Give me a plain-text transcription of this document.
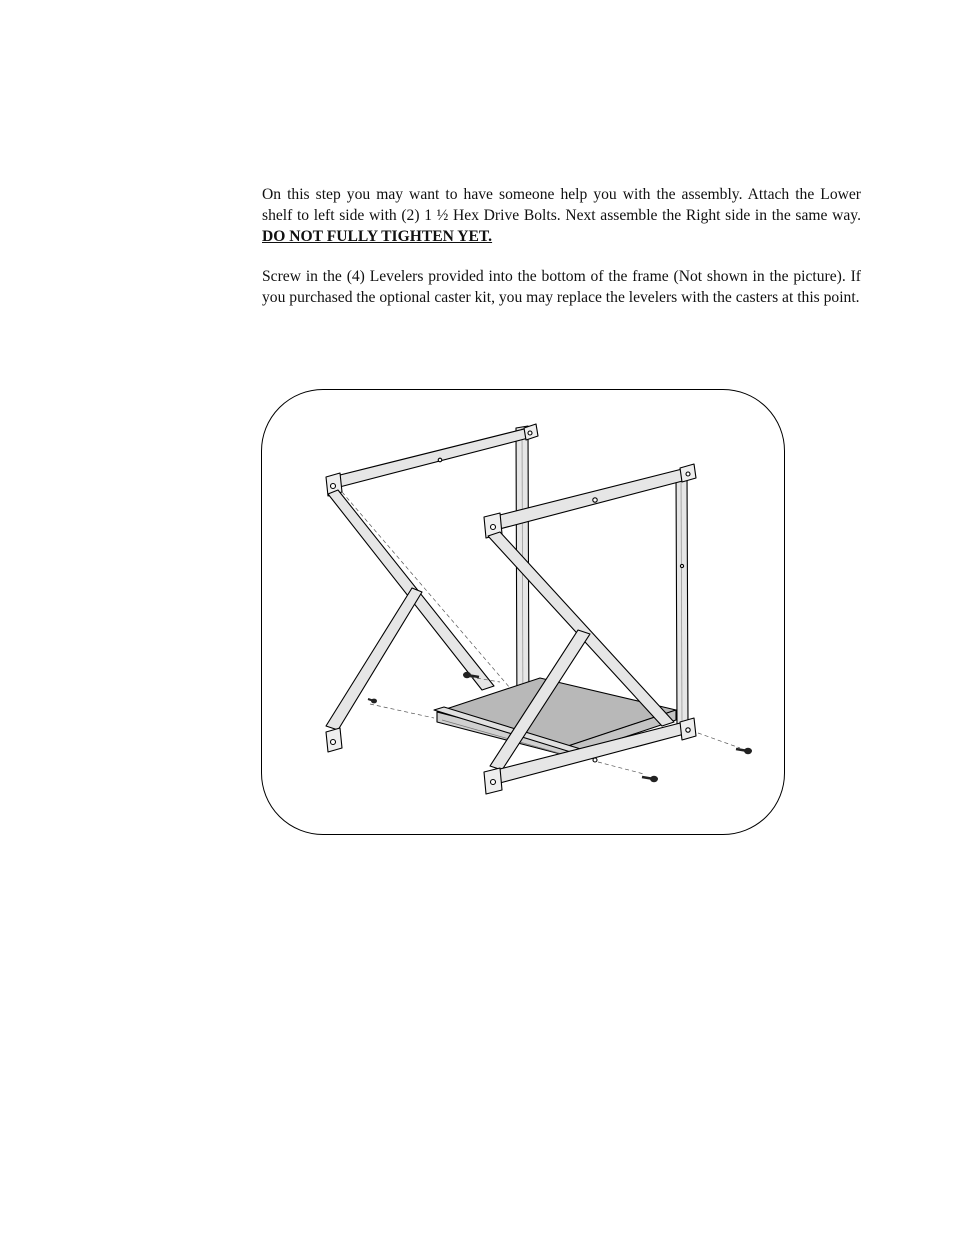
On this step you may want to have someone help you with the assembly. Attach the Lower shelf to left side with (2) 1 ½ Hex Drive Bolts. Next assemble the Right side in the same way. DO NOT FULLY TIGHTEN YET.

Screw in the (4) Levelers provided into the bottom of the frame (Not shown in the picture). If you purchased the optional caster kit, you may replace the levelers with the casters at this point.
